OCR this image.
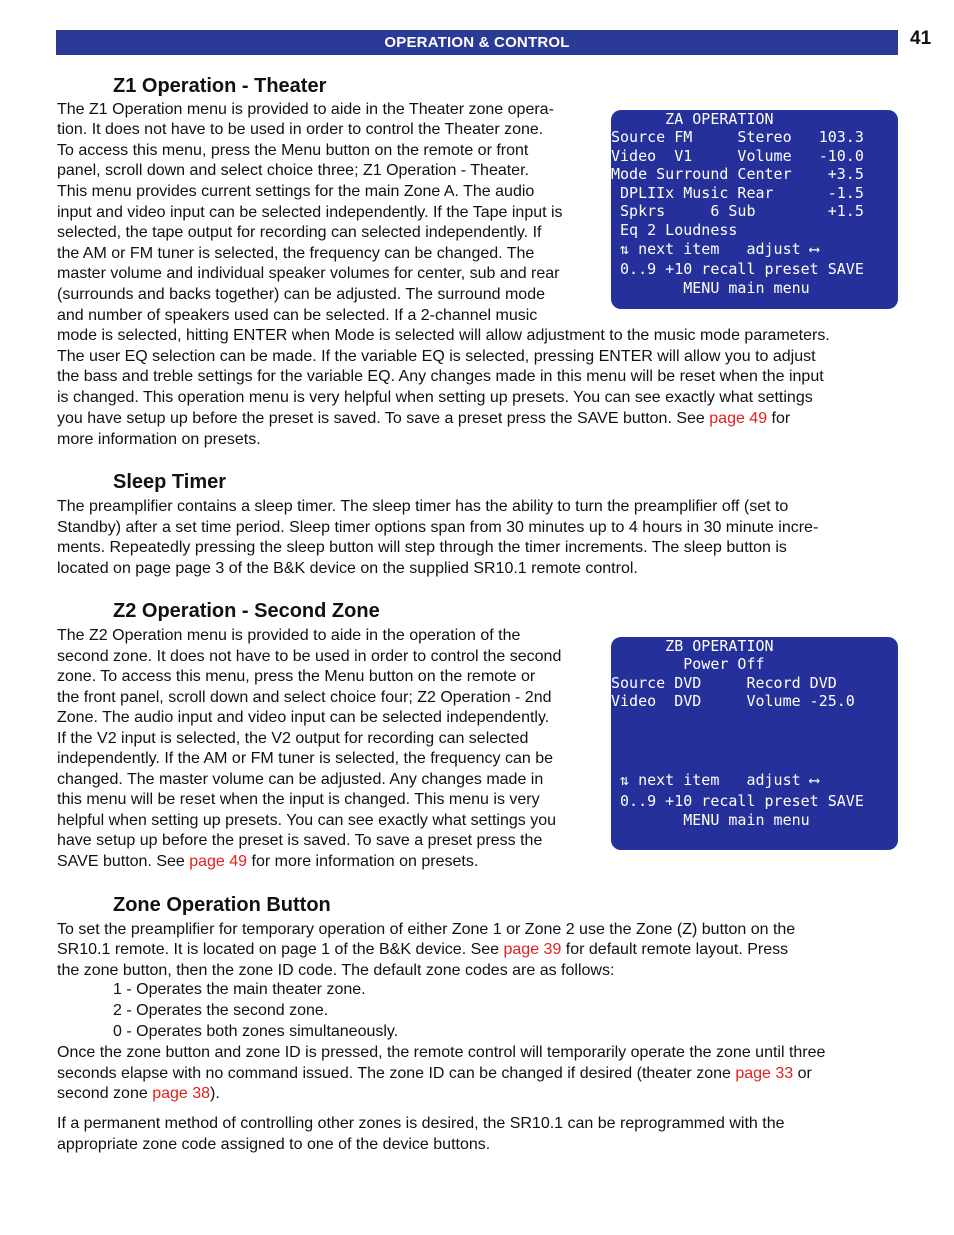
OPERATION & CONTROL	41
Z1 Operation - Theater

The Z1 Operation menu is provided to aide in the Theater zone opera-

tion. It does not have to be used in order to control the Theater zone.

To access this menu, press the Menu button on the remote or front

panel, scroll down and select choice three; Z1 Operation - Theater.

This menu provides current settings for the main Zone A. The audio

input and video input can be selected independently. If the Tape input is

selected, the tape output for recording can selected independently. If

the AM or FM tuner is selected, the frequency can be changed. The

master volume and individual speaker volumes for center, sub and rear

(surrounds and backs together) can be adjusted. The surround mode

and number of speakers used can be selected. If a 2-channel music

mode is selected, hitting ENTER when Mode is selected will allow adjustment to the music mode parameters.

The user EQ selection can be made. If the variable EQ is selected, pressing ENTER will allow you to adjust

the bass and treble settings for the variable EQ. Any changes made in this menu will be reset when the input

is changed. This operation menu is very helpful when setting up presets. You can see exactly what settings

you have setup up before the preset is saved. To save a preset press the SAVE button. See page 49 for

more information on presets.

ZA OPERATION
Source FM     Stereo   103.3
Video  V1     Volume   -10.0
Mode Surround Center    +3.5
DPLIIx Music Rear      -1.5
Spkrs     6 Sub        +1.5
Eq 2 Loudness
⇅ next item   adjust ⟷
0..9 +10 recall preset SAVE
MENU main menu
Sleep Timer

The preamplifier contains a sleep timer. The sleep timer has the ability to turn the preamplifier off (set to

Standby) after a set time period. Sleep timer options span from 30 minutes up to 4 hours in 30 minute incre-

ments. Repeatedly pressing the sleep button will step through the timer increments. The sleep button is

located on page page 3 of the B&K device on the supplied SR10.1 remote control.

Z2 Operation - Second Zone

The Z2 Operation menu is provided to aide in the operation of the

second zone. It does not have to be used in order to control the second

zone. To access this menu, press the Menu button on the remote or

the front panel, scroll down and select choice four; Z2 Operation - 2nd

Zone. The audio input and video input can be selected independently.

If the V2 input is selected, the V2 output for recording can selected

independently. If the AM or FM tuner is selected, the frequency can be

changed. The master volume can be adjusted. Any changes made in

this menu will be reset when the input is changed. This menu is very

helpful when setting up presets. You can see exactly what settings you

have setup up before the preset is saved. To save a preset press the

SAVE button. See page 49 for more information on presets.

ZB OPERATION
Power Off
Source DVD     Record DVD
Video  DVD     Volume -25.0
⇅ next item   adjust ⟷
0..9 +10 recall preset SAVE
MENU main menu
Zone Operation Button

To set the preamplifier for temporary operation of either Zone 1 or Zone 2 use the Zone (Z) button on the

SR10.1 remote. It is located on page 1 of the B&K device. See page 39 for default remote layout. Press

the zone button, then the zone ID code. The default zone codes are as follows:

1 - Operates the main theater zone.

2 - Operates the second zone.

0 - Operates both zones simultaneously.

Once the zone button and zone ID is pressed, the remote control will temporarily operate the zone until three

seconds elapse with no command issued. The zone ID can be changed if desired (theater zone page 33 or

second zone page 38).

If a permanent method of controlling other zones is desired, the SR10.1 can be reprogrammed with the

appropriate zone code assigned to one of the device buttons.
